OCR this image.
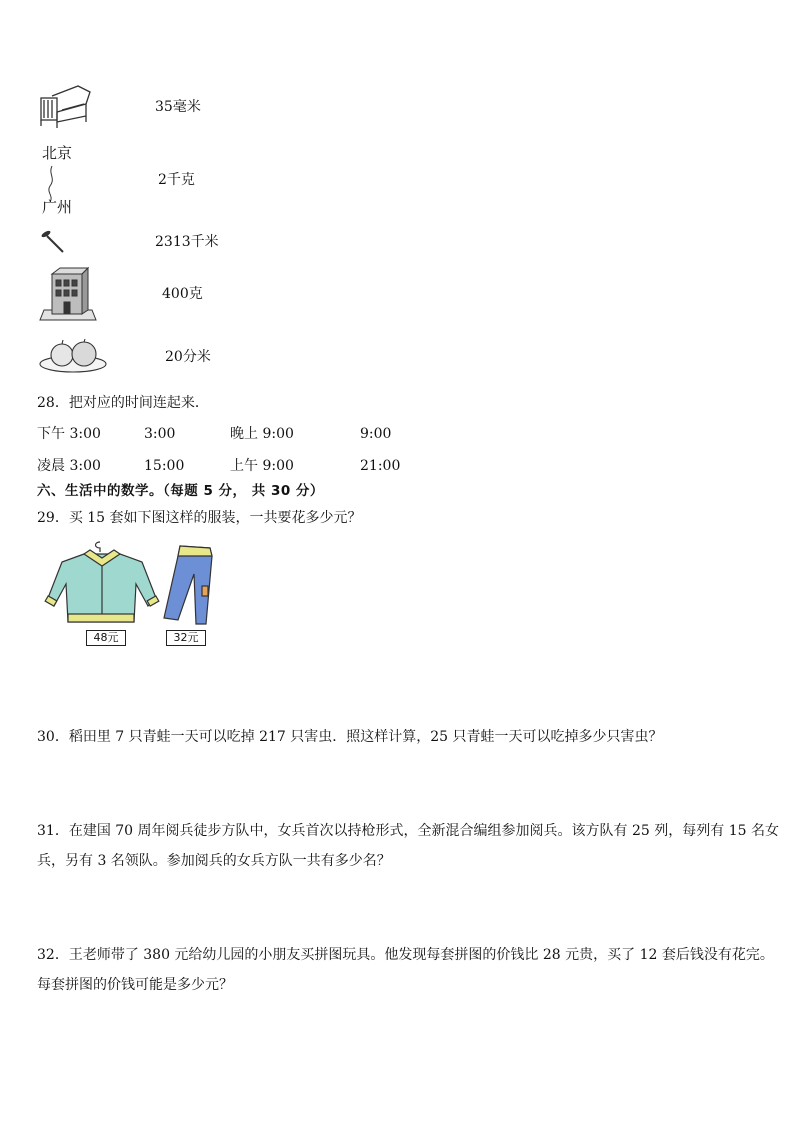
35毫米
北京
广州
2千克
2313千米
400克
20分米
28．把对应的时间连起来．
下午 3:00	3:00	晚上 9:00	9:00
凌晨 3:00	15:00	上午 9:00	21:00
六、生活中的数学。（每题 5 分， 共 30 分）
29．买 15 套如下图这样的服装，一共要花多少元？
48元	32元
30．稻田里 7 只青蛙一天可以吃掉 217 只害虫．照这样计算，25 只青蛙一天可以吃掉多少只害虫？
31．在建国 70 周年阅兵徒步方队中，女兵首次以持枪形式，全新混合编组参加阅兵。该方队有 25 列，每列有 15 名女
兵，另有 3 名领队。参加阅兵的女兵方队一共有多少名？
32．王老师带了 380 元给幼儿园的小朋友买拼图玩具。他发现每套拼图的价钱比 28 元贵，买了 12 套后钱没有花完。
每套拼图的价钱可能是多少元？
